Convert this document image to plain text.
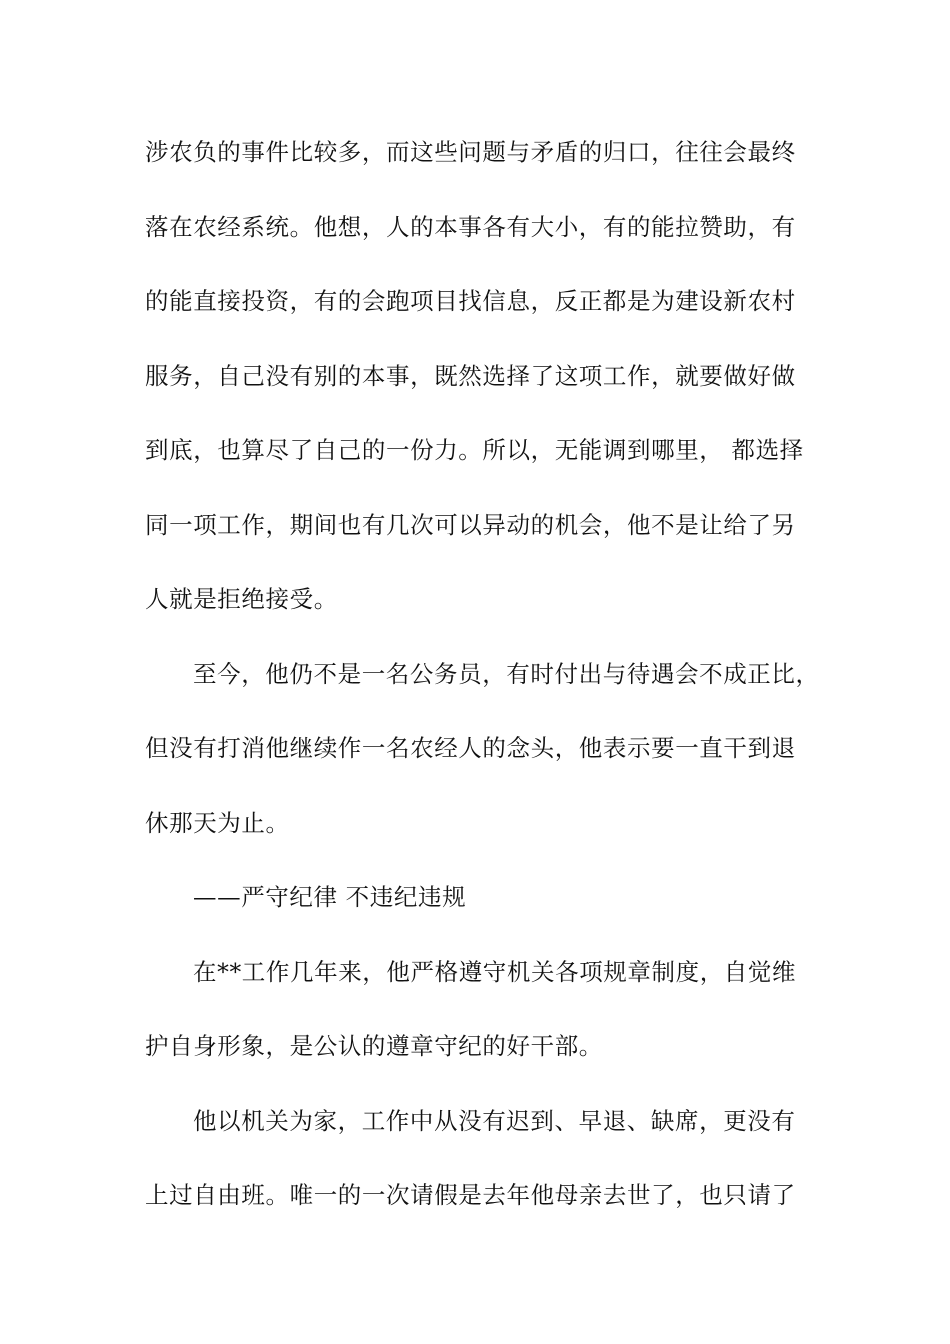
涉农负的事件比较多，而这些问题与矛盾的归口，往往会最终
落在农经系统。他想，人的本事各有大小，有的能拉赞助，有
的能直接投资，有的会跑项目找信息，反正都是为建设新农村
服务，自己没有别的本事，既然选择了这项工作，就要做好做
到底，也算尽了自己的一份力。所以，无能调到哪里， 都选择
同一项工作，期间也有几次可以异动的机会，他不是让给了另
人就是拒绝接受。
至今，他仍不是一名公务员，有时付出与待遇会不成正比，
但没有打消他继续作一名农经人的念头，他表示要一直干到退
休那天为止。
——严守纪律 不违纪违规
在**工作几年来，他严格遵守机关各项规章制度，自觉维
护自身形象，是公认的遵章守纪的好干部。
他以机关为家，工作中从没有迟到、早退、缺席，更没有
上过自由班。唯一的一次请假是去年他母亲去世了，也只请了
